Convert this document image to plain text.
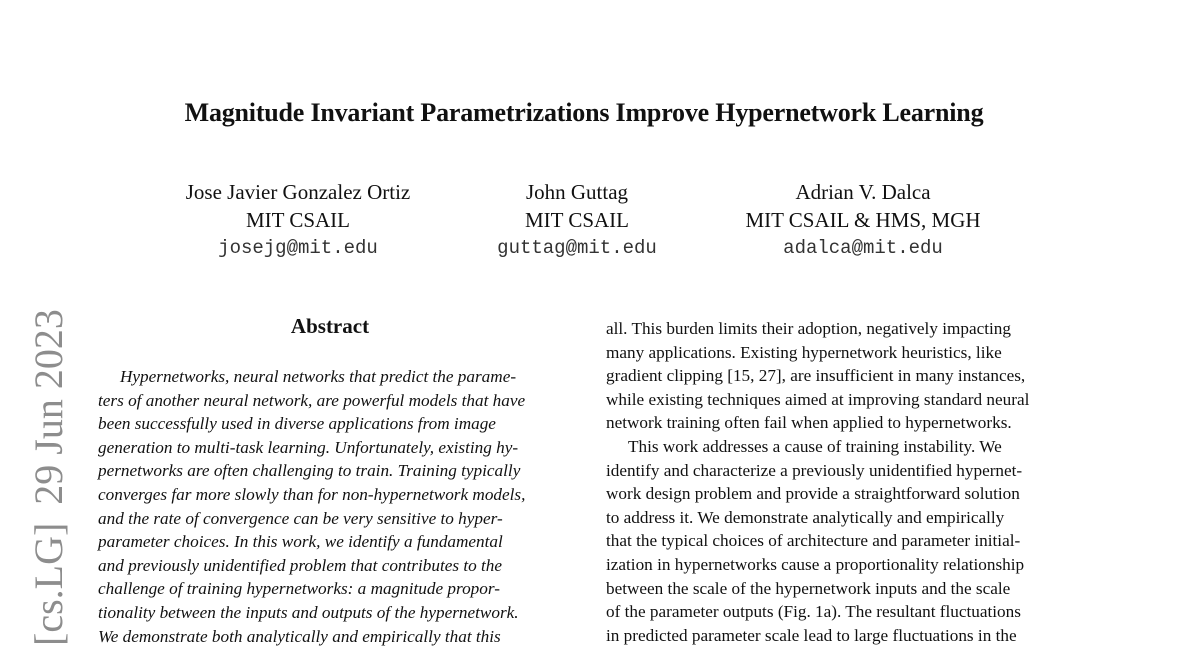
Magnitude Invariant Parametrizations Improve Hypernetwork Learning
Jose Javier Gonzalez Ortiz
MIT CSAIL
josejg@mit.edu
John Guttag
MIT CSAIL
guttag@mit.edu
Adrian V. Dalca
MIT CSAIL & HMS, MGH
adalca@mit.edu
[cs.LG]29 Jun 2023	Abstract
Hypernetworks, neural networks that predict the parame-
ters of another neural network, are powerful models that have
been successfully used in diverse applications from image
generation to multi-task learning. Unfortunately, existing hy-
pernetworks are often challenging to train. Training typically
converges far more slowly than for non-hypernetwork models,
and the rate of convergence can be very sensitive to hyper-
parameter choices. In this work, we identify a fundamental
and previously unidentified problem that contributes to the
challenge of training hypernetworks: a magnitude propor-
tionality between the inputs and outputs of the hypernetwork.
We demonstrate both analytically and empirically that this
all. This burden limits their adoption, negatively impacting
many applications. Existing hypernetwork heuristics, like
gradient clipping [15, 27], are insufficient in many instances,
while existing techniques aimed at improving standard neural
network training often fail when applied to hypernetworks.
This work addresses a cause of training instability. We
identify and characterize a previously unidentified hypernet-
work design problem and provide a straightforward solution
to address it. We demonstrate analytically and empirically
that the typical choices of architecture and parameter initial-
ization in hypernetworks cause a proportionality relationship
between the scale of the hypernetwork inputs and the scale
of the parameter outputs (Fig. 1a). The resultant fluctuations
in predicted parameter scale lead to large fluctuations in the
